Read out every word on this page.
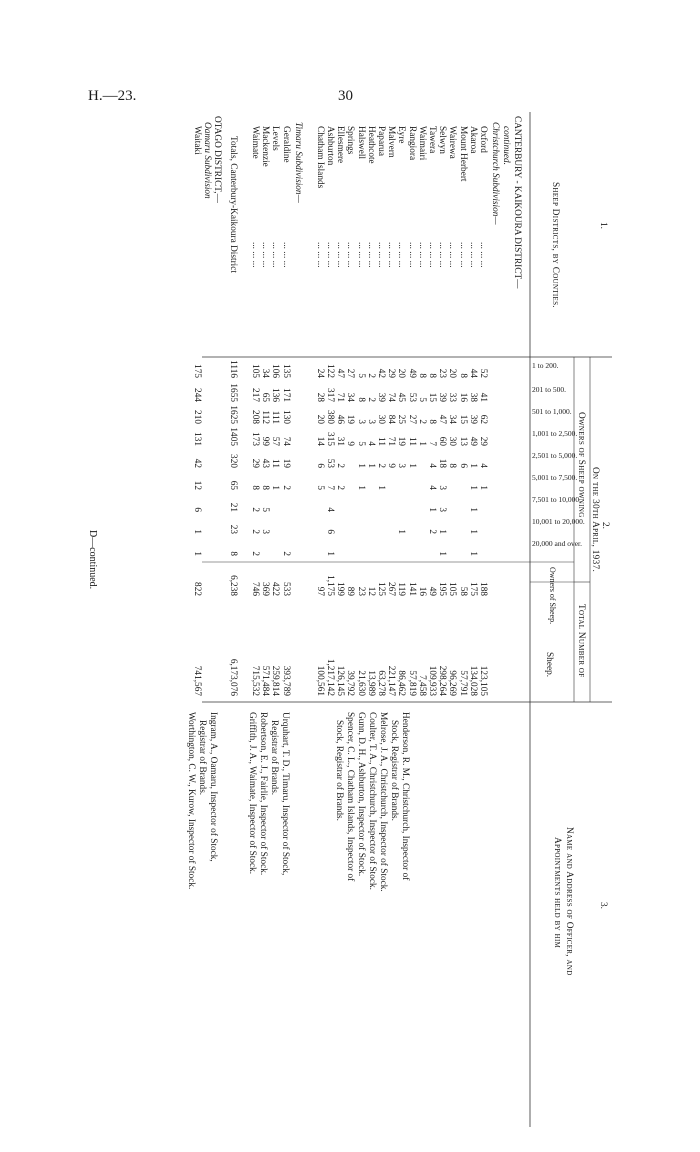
H.—23.	30
1.
Sheep Districts, by Counties.
2.
On the 30th April, 1937.
Owners of Sheep owning
Total Number of
3.
Name and Address of Officer, and
Appointments held by him
1 to 200.
201 to 500.
501 to 1,000.
1,001 to 2,500.
2,501 to 5,000.
5,001 to 7,500.
7,501 to 10,000.
10,001 to 20,000.
20,000 and over.
Owners of Sheep.
Sheep.
CANTERBURY - KAIKOURA DISTRICT—
continued.
Christchurch Subdivision—
Oxford
... ... ...
52
41
62
29
4
1
188
123,105
Akaroa
... ... ...
44
38
39
49
1
1
1
1
1
175
134,028
Mount Herbert
... ... ...
8
16
15
13
6
58
57,791
Wairewa
... ... ...
20
33
34
30
8
105
96,269
Selwyn
... ... ...
23
39
47
60
18
3
3
1
1
195
298,264
Tawera
... ... ...
8
15
8
7
4
4
1
2
49
109,933
Waimairi
... ... ...
8
5
2
1
16
7,458
Rangiora
... ... ...
49
53
27
11
1
141
57,819
Eyre
... ... ...
20
45
25
19
3
1
119
86,462
Malvern
... ... ...
29
74
84
71
9
267
221,147
Paparua
... ... ...
42
39
30
11
2
1
125
63,278
Heathcote
... ... ...
2
2
3
4
1
12
13,989
Halswell
... ... ...
5
8
3
5
1
1
23
21,630
Springs
... ... ...
27
34
19
9
89
39,792
Ellesmere
... ... ...
47
71
46
31
2
2
199
126,145
Ashburton
... ... ...
122
317
380
315
53
7
4
6
1
1,175
1,217,142
Chatham Islands
... ... ...
24
28
20
14
6
5
97
100,561
Timaru Subdivision—
Geraldine
... ... ...
135
171
130
74
19
2
2
533
393,789
Levels
... ... ...
106
136
111
57
11
1
422
259,814
Mackenzie
... ... ...
34
65
112
99
43
8
5
3
369
571,484
Waimate
... ... ...
105
217
208
173
29
8
2
2
2
746
715,532
Totals, Canterbury-Kaikoura District
1116
1655
1625
1405
320
65
21
23
8
6,238
6,173,076
OTAGO DISTRICT,—
Oamaru Subdivision
Waitaki
175
244
210
131
42
12
6
1
1
822
741,567
Henderson, R. M., Christchurch, Inspector of
Stock, Registrar of Brands.
Melrose, J. A., Christchurch, Inspector of Stock.
Coulter, T. A., Christchurch, Inspector of Stock.
Gunn, D. H., Ashburton, Inspector of Stock.
Spencer, C. L., Chatham Islands, Inspector of
Stock, Registrar of Brands.
Urquhart, T. D., Timaru, Inspector of Stock,
Registrar of Brands.
Robertson, E. J., Fairlie, Inspector of Stock.
Griffith, J. A., Waimate, Inspector of Stock.
Ingram, A., Oamaru, Inspector of Stock,
Registrar of Brands.
Worthington, C. W., Kurow, Inspector of Stock.
D—continued.
